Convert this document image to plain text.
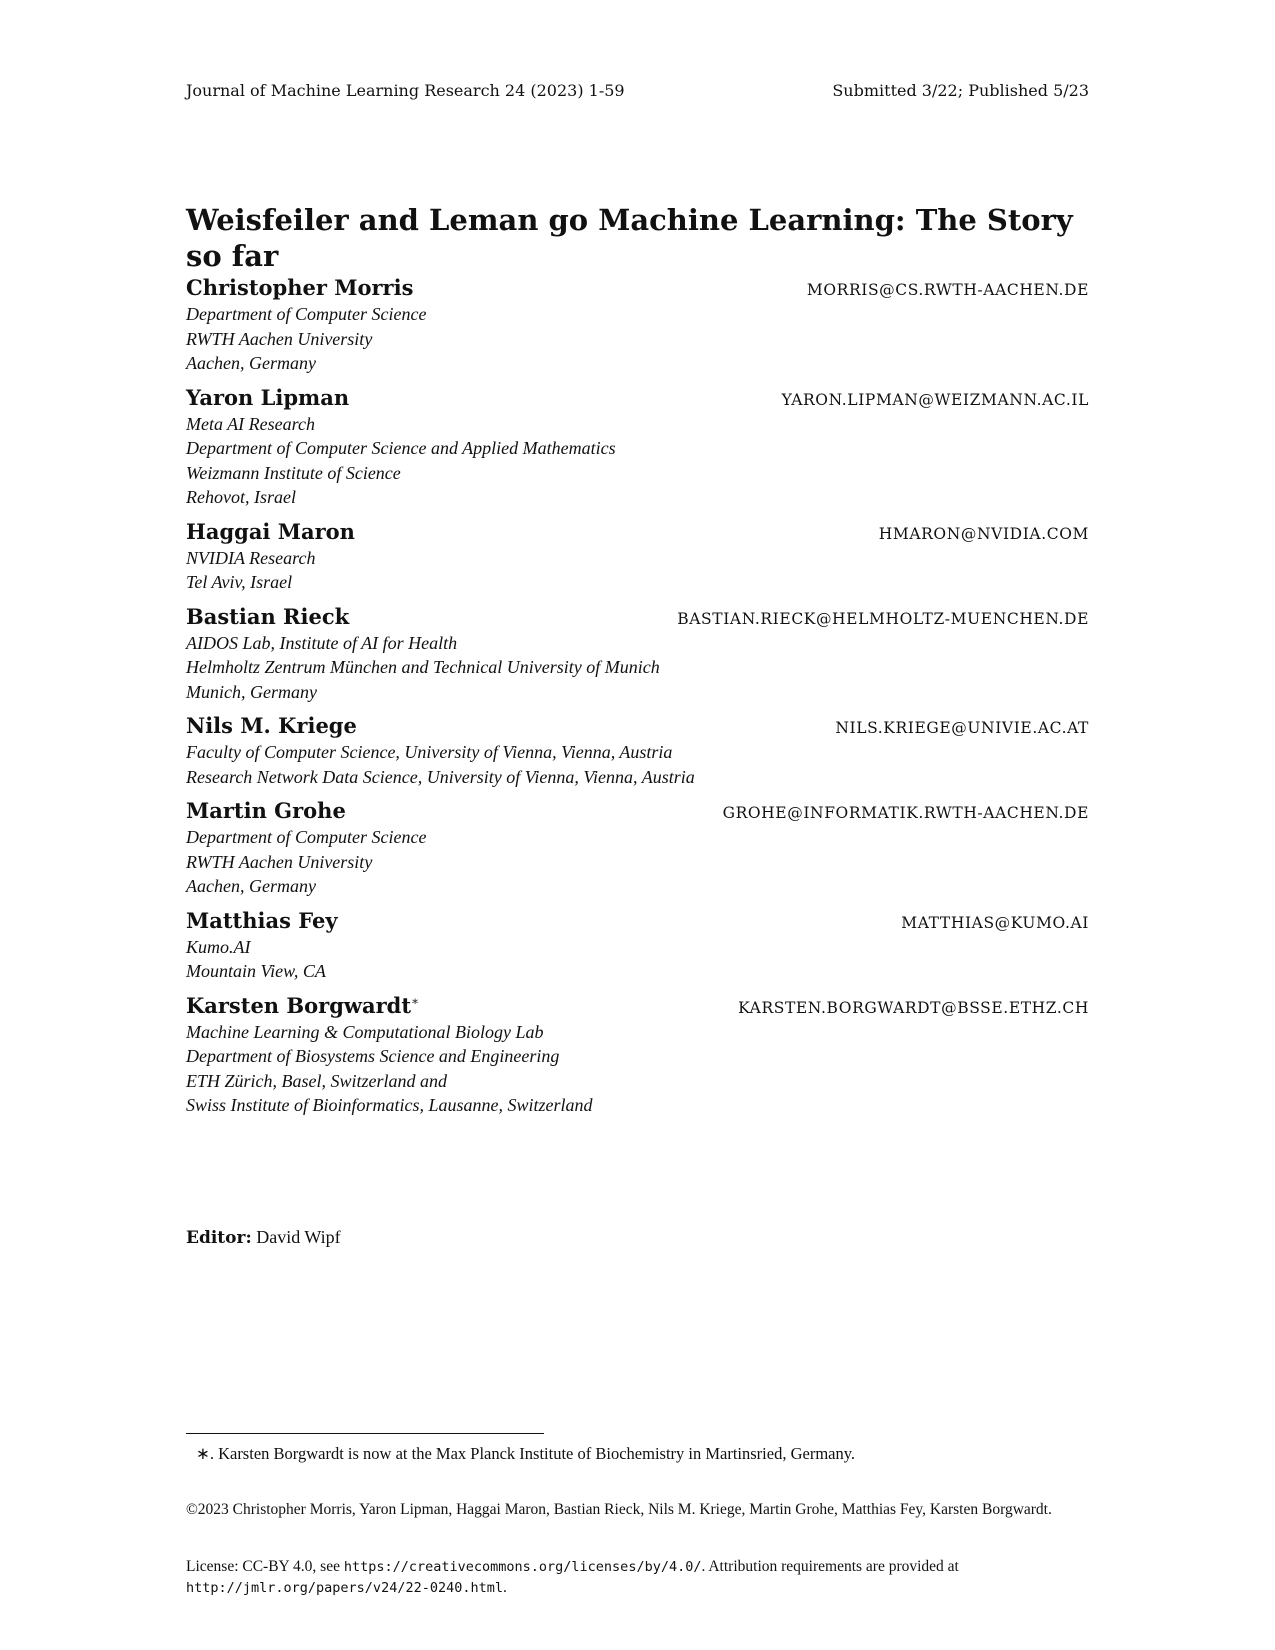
Journal of Machine Learning Research 24 (2023) 1-59	Submitted 3/22; Published 5/23
Weisfeiler and Leman go Machine Learning: The Story so far
Christopher Morris	MORRIS@CS.RWTH-AACHEN.DE
Department of Computer Science
RWTH Aachen University
Aachen, Germany
Yaron Lipman	YARON.LIPMAN@WEIZMANN.AC.IL
Meta AI Research
Department of Computer Science and Applied Mathematics
Weizmann Institute of Science
Rehovot, Israel
Haggai Maron	HMARON@NVIDIA.COM
NVIDIA Research
Tel Aviv, Israel
Bastian Rieck	BASTIAN.RIECK@HELMHOLTZ-MUENCHEN.DE
AIDOS Lab, Institute of AI for Health
Helmholtz Zentrum München and Technical University of Munich
Munich, Germany
Nils M. Kriege	NILS.KRIEGE@UNIVIE.AC.AT
Faculty of Computer Science, University of Vienna, Vienna, Austria
Research Network Data Science, University of Vienna, Vienna, Austria
Martin Grohe	GROHE@INFORMATIK.RWTH-AACHEN.DE
Department of Computer Science
RWTH Aachen University
Aachen, Germany
Matthias Fey	MATTHIAS@KUMO.AI
Kumo.AI
Mountain View, CA
Karsten Borgwardt∗	KARSTEN.BORGWARDT@BSSE.ETHZ.CH
Machine Learning & Computational Biology Lab
Department of Biosystems Science and Engineering
ETH Zürich, Basel, Switzerland and
Swiss Institute of Bioinformatics, Lausanne, Switzerland
Editor: David Wipf
∗. Karsten Borgwardt is now at the Max Planck Institute of Biochemistry in Martinsried, Germany.
©2023 Christopher Morris, Yaron Lipman, Haggai Maron, Bastian Rieck, Nils M. Kriege, Martin Grohe, Matthias Fey, Karsten Borgwardt.
License: CC-BY 4.0, see https://creativecommons.org/licenses/by/4.0/. Attribution requirements are provided at http://jmlr.org/papers/v24/22-0240.html.
